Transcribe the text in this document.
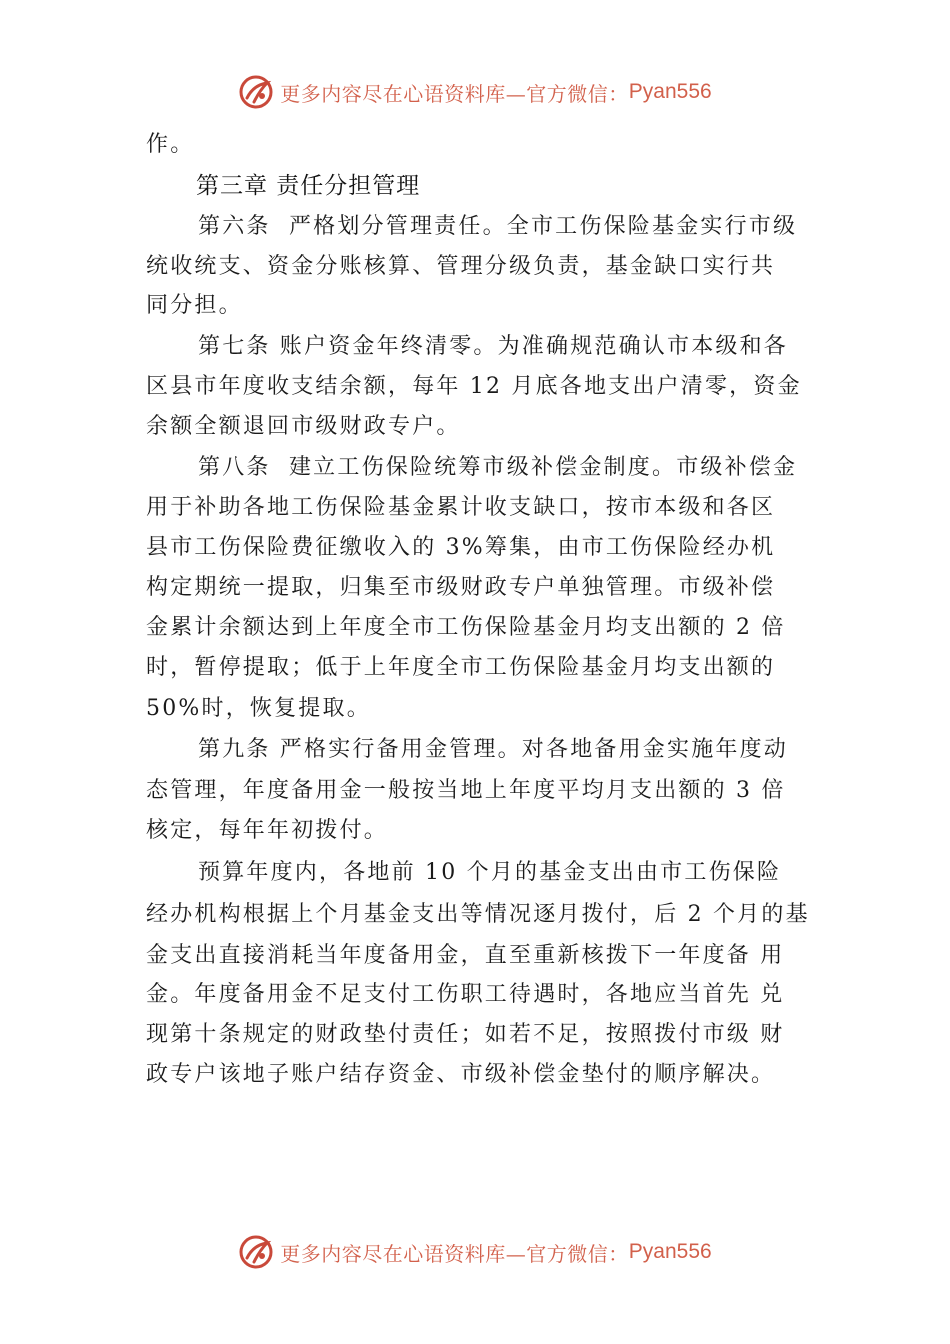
更多内容尽在心语资料库—官方微信： Pyan556
作。
第三章 责任分担管理
第六条  严格划分管理责任。全市工伤保险基金实行市级
统收统支、资金分账核算、管理分级负责，基金缺口实行共
同分担。
第七条 账户资金年终清零。为准确规范确认市本级和各
区县市年度收支结余额，每年 12 月底各地支出户清零，资金
余额全额退回市级财政专户。
第八条  建立工伤保险统筹市级补偿金制度。市级补偿金
用于补助各地工伤保险基金累计收支缺口，按市本级和各区
县市工伤保险费征缴收入的 3%筹集，由市工伤保险经办机
构定期统一提取，归集至市级财政专户单独管理。市级补偿
金累计余额达到上年度全市工伤保险基金月均支出额的 2 倍
时，暂停提取；低于上年度全市工伤保险基金月均支出额的
50%时，恢复提取。
第九条 严格实行备用金管理。对各地备用金实施年度动
态管理，年度备用金一般按当地上年度平均月支出额的 3 倍
核定，每年年初拨付。
预算年度内，各地前 10 个月的基金支出由市工伤保险
经办机构根据上个月基金支出等情况逐月拨付，后 2 个月的基
金支出直接消耗当年度备用金，直至重新核拨下一年度备 用
金。年度备用金不足支付工伤职工待遇时，各地应当首先 兑
现第十条规定的财政垫付责任；如若不足，按照拨付市级 财
政专户该地子账户结存资金、市级补偿金垫付的顺序解决。
更多内容尽在心语资料库—官方微信： Pyan556
